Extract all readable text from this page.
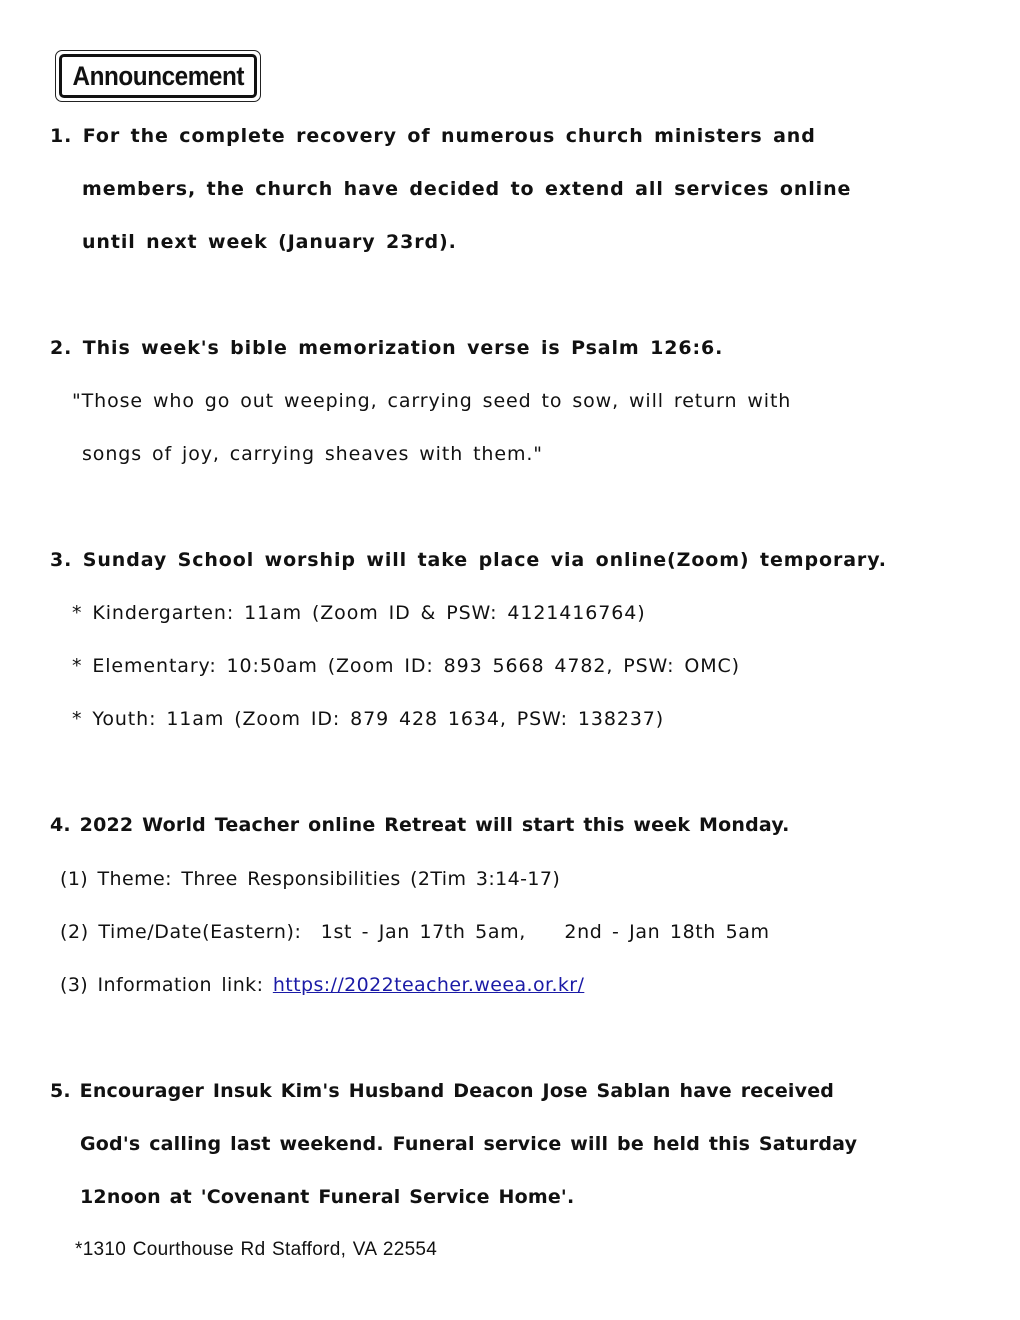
Announcement
1. For the complete recovery of numerous church ministers and
members, the church have decided to extend all services online
until next week (January 23rd).
2. This week's bible memorization verse is Psalm 126:6.
"Those who go out weeping, carrying seed to sow, will return with
songs of joy, carrying sheaves with them."
3. Sunday School worship will take place via online(Zoom) temporary.
* Kindergarten: 11am (Zoom ID & PSW: 4121416764)
* Elementary: 10:50am (Zoom ID: 893 5668 4782, PSW: OMC)
* Youth: 11am (Zoom ID: 879 428 1634, PSW: 138237)
4. 2022 World Teacher online Retreat will start this week Monday.
(1) Theme: Three Responsibilities (2Tim 3:14-17)
(2) Time/Date(Eastern):  1st - Jan 17th 5am,    2nd - Jan 18th 5am
(3) Information link: https://2022teacher.weea.or.kr/
5. Encourager Insuk Kim's Husband Deacon Jose Sablan have received
God's calling last weekend. Funeral service will be held this Saturday
12noon at 'Covenant Funeral Service Home'.
*1310 Courthouse Rd Stafford, VA 22554
